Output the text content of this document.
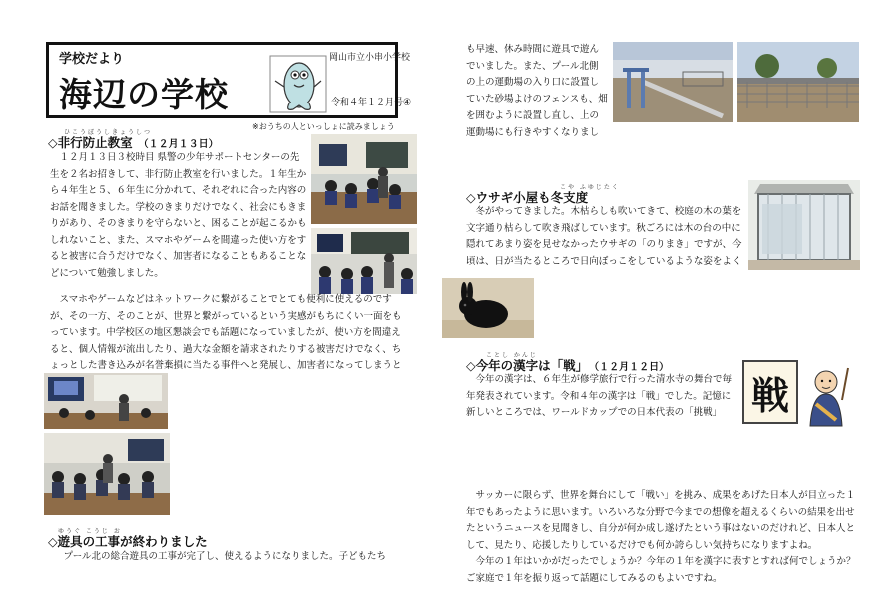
学校だより
海辺の学校
岡山市立小串小学校
令和４年１２月号④
※おうちの人といっしょに読みましょう
ひこうぼうしきょうしつ
◇非行防止教室 （１２月１３日）

１２月１３日３校時目 県警の少年サポートセンターの先生を２名お招きして、非行防止教室を行いました。１年生から４年生と５、６年生に分かれて、それぞれに合った内容のお話を聞きました。学校のきまりだけでなく、社会にもきまりがあり、そのきまりを守らないと、困ることが起こるかもしれないこと、また、スマホやゲームを間違った使い方をすると被害に合うだけでなく、加害者になることもあることなどについて勉強しました。

スマホやゲームなどはネットワークに繋がることでとても便利に使えるのですが、その一方、そのことが、世界と繋がっているという実感がもちにくい一面をもっています。中学校区の地区懇談会でも話題になっていましたが、使い方を間違えると、個人情報が流出したり、過大な金額を請求されたりする被害だけでなく、ちょっとした書き込みが名誉棄損に当たる事件へと発展し、加害者になってしまうと

ゆうぐ こうじ お
◇遊具の工事が終わりました

プール北の総合遊具の工事が完了し、使えるようになりました。子どもたち

も早速、休み時間に遊具で遊んでいました。また、プール北側の上の運動場の入り口に設置していた砂場よけのフェンスも、畑を囲むように設置し直し、上の運動場にも行きやすくなりまし

こや ふゆじたく
◇ウサギ小屋も冬支度

冬がやってきました。木枯らしも吹いてきて、校庭の木の葉を文字通り枯らして吹き飛ばしています。秋ごろには木の台の中に隠れてあまり姿を見せなかったウサギの「のりまき」ですが、今頃は、日が当たるところで日向ぼっこをしているような姿をよく

ことし かんじ
◇今年の漢字は「戦」 （１２月１２日）
戦

今年の漢字は、６年生が修学旅行で行った清水寺の舞台で毎年発表されています。令和４年の漢字は「戦」でした。記憶に新しいところでは、ワールドカップでの日本代表の「挑戦」

サッカーに限らず、世界を舞台にして「戦い」を挑み、成果をあげた日本人が目立った１年でもあったように思います。いろいろな分野で今までの想像を超えるくらいの結果を出せたというニュースを見聞きし、自分が何か成し遂げたという事はないのだけれど、日本人として、見たり、応援したりしているだけでも何か誇らしい気持ちになりますよね。

今年の１年はいかがだったでしょうか？今年の１年を漢字に表すとすれば何でしょうか？ご家庭で１年を振り返って話題にしてみるのもよいですね。
